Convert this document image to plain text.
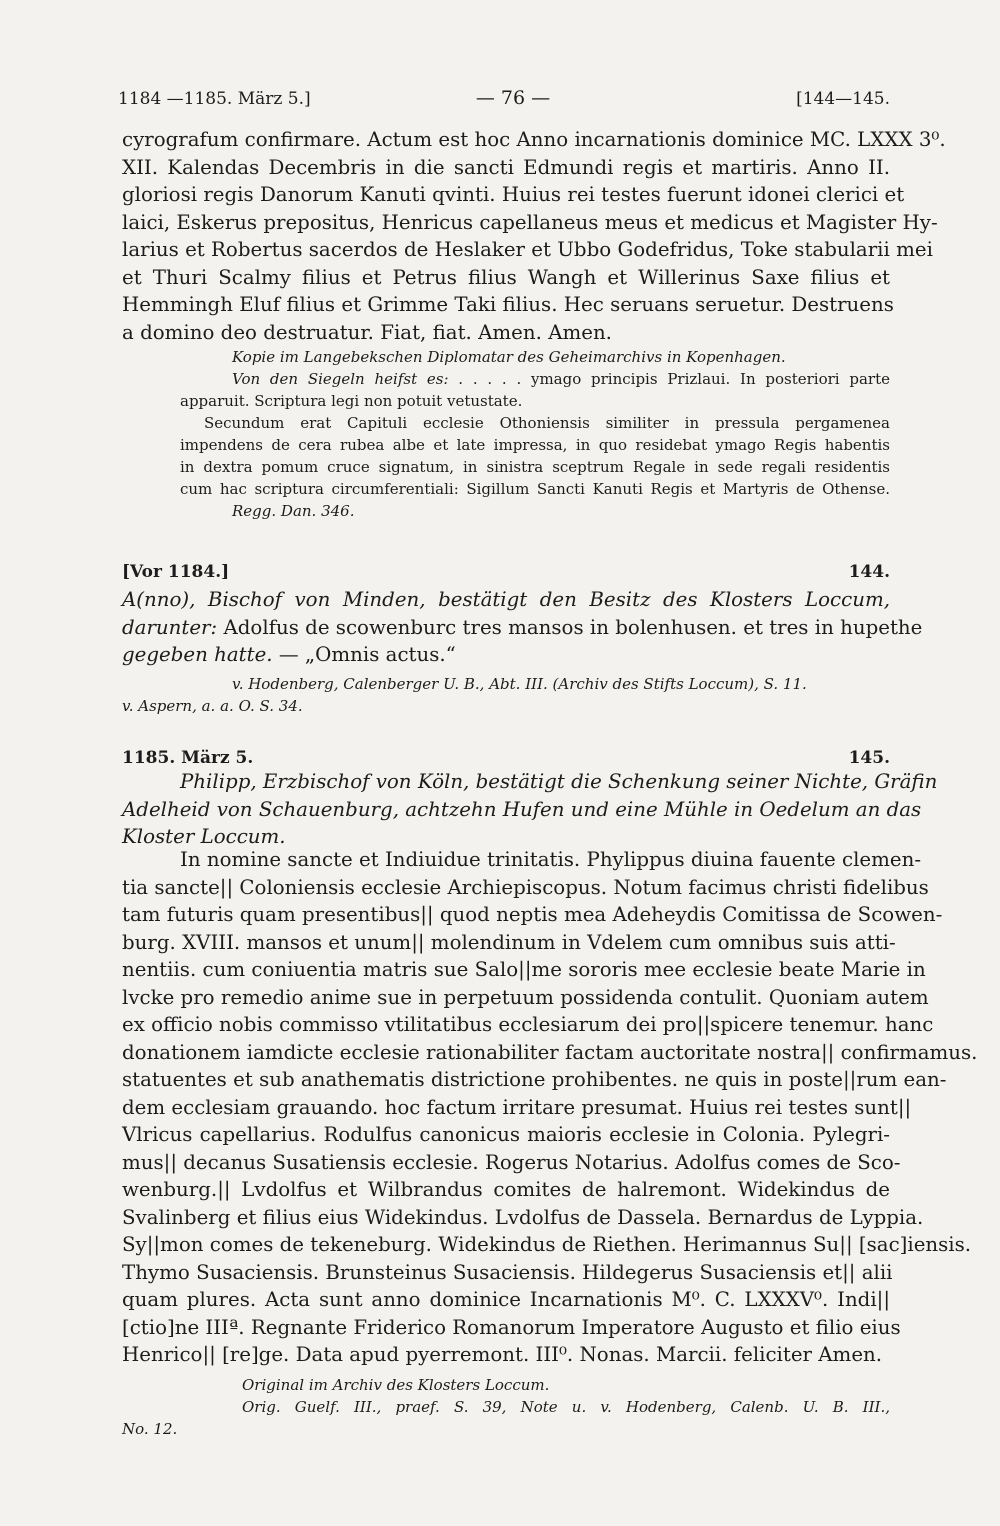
1184 —1185. März 5.]	— 76 —	[144—145.
cyrografum confirmare. Actum est hoc Anno incarnationis dominice MC. LXXX 3⁰.
XII. Kalendas Decembris in die sancti Edmundi regis et martiris. Anno II.
gloriosi regis Danorum Kanuti qvinti. Huius rei testes fuerunt idonei clerici et
laici, Eskerus prepositus, Henricus capellaneus meus et medicus et Magister Hy-
larius et Robertus sacerdos de Heslaker et Ubbo Godefridus, Toke stabularii mei
et Thuri Scalmy filius et Petrus filius Wangh et Willerinus Saxe filius et
Hemmingh Eluf filius et Grimme Taki filius. Hec seruans seruetur. Destruens
a domino deo destruatur. Fiat, fiat. Amen. Amen.
Kopie im Langebekschen Diplomatar des Geheimarchivs in Kopenhagen.
Von den Siegeln heifst es: . . . . . ymago principis Prizlaui. In posteriori parte
apparuit. Scriptura legi non potuit vetustate.
Secundum erat Capituli ecclesie Othoniensis similiter in pressula pergamenea
impendens de cera rubea albe et late impressa, in quo residebat ymago Regis habentis
in dextra pomum cruce signatum, in sinistra sceptrum Regale in sede regali residentis
cum hac scriptura circumferentiali: Sigillum Sancti Kanuti Regis et Martyris de Othense.
Regg. Dan. 346.
[Vor 1184.]	144.
A(nno), Bischof von Minden, bestätigt den Besitz des Klosters Loccum,
darunter: Adolfus de scowenburc tres mansos in bolenhusen. et tres in hupethe
gegeben hatte. — „Omnis actus.“
v. Hodenberg, Calenberger U. B., Abt. III. (Archiv des Stifts Loccum), S. 11.
v. Aspern, a. a. O. S. 34.
1185. März 5.	145.
Philipp, Erzbischof von Köln, bestätigt die Schenkung seiner Nichte, Gräfin
Adelheid von Schauenburg, achtzehn Hufen und eine Mühle in Oedelum an das
Kloster Loccum.
In nomine sancte et Indiuidue trinitatis. Phylippus diuina fauente clemen-
tia sancte|| Coloniensis ecclesie Archiepiscopus. Notum facimus christi fidelibus
tam futuris quam presentibus|| quod neptis mea Adeheydis Comitissa de Scowen-
burg. XVIII. mansos et unum|| molendinum in Vdelem cum omnibus suis atti-
nentiis. cum coniuentia matris sue Salo||me sororis mee ecclesie beate Marie in
lvcke pro remedio anime sue in perpetuum possidenda contulit. Quoniam autem
ex officio nobis commisso vtilitatibus ecclesiarum dei pro||spicere tenemur. hanc
donationem iamdicte ecclesie rationabiliter factam auctoritate nostra|| confirmamus.
statuentes et sub anathematis districtione prohibentes. ne quis in poste||rum ean-
dem ecclesiam grauando. hoc factum irritare presumat. Huius rei testes sunt||
Vlricus capellarius. Rodulfus canonicus maioris ecclesie in Colonia. Pylegri-
mus|| decanus Susatiensis ecclesie. Rogerus Notarius. Adolfus comes de Sco-
wenburg.|| Lvdolfus et Wilbrandus comites de halremont. Widekindus de
Svalinberg et filius eius Widekindus. Lvdolfus de Dassela. Bernardus de Lyppia.
Sy||mon comes de tekeneburg. Widekindus de Riethen. Herimannus Su|| [sac]iensis.
Thymo Susaciensis. Brunsteinus Susaciensis. Hildegerus Susaciensis et|| alii
quam plures. Acta sunt anno dominice Incarnationis M⁰. C. LXXXV⁰. Indi||
[ctio]ne IIIª. Regnante Friderico Romanorum Imperatore Augusto et filio eius
Henrico|| [re]ge. Data apud pyerremont. III⁰. Nonas. Marcii. feliciter Amen.
Original im Archiv des Klosters Loccum.
Orig. Guelf. III., praef. S. 39, Note u. v. Hodenberg, Calenb. U. B. III.,
No. 12.
